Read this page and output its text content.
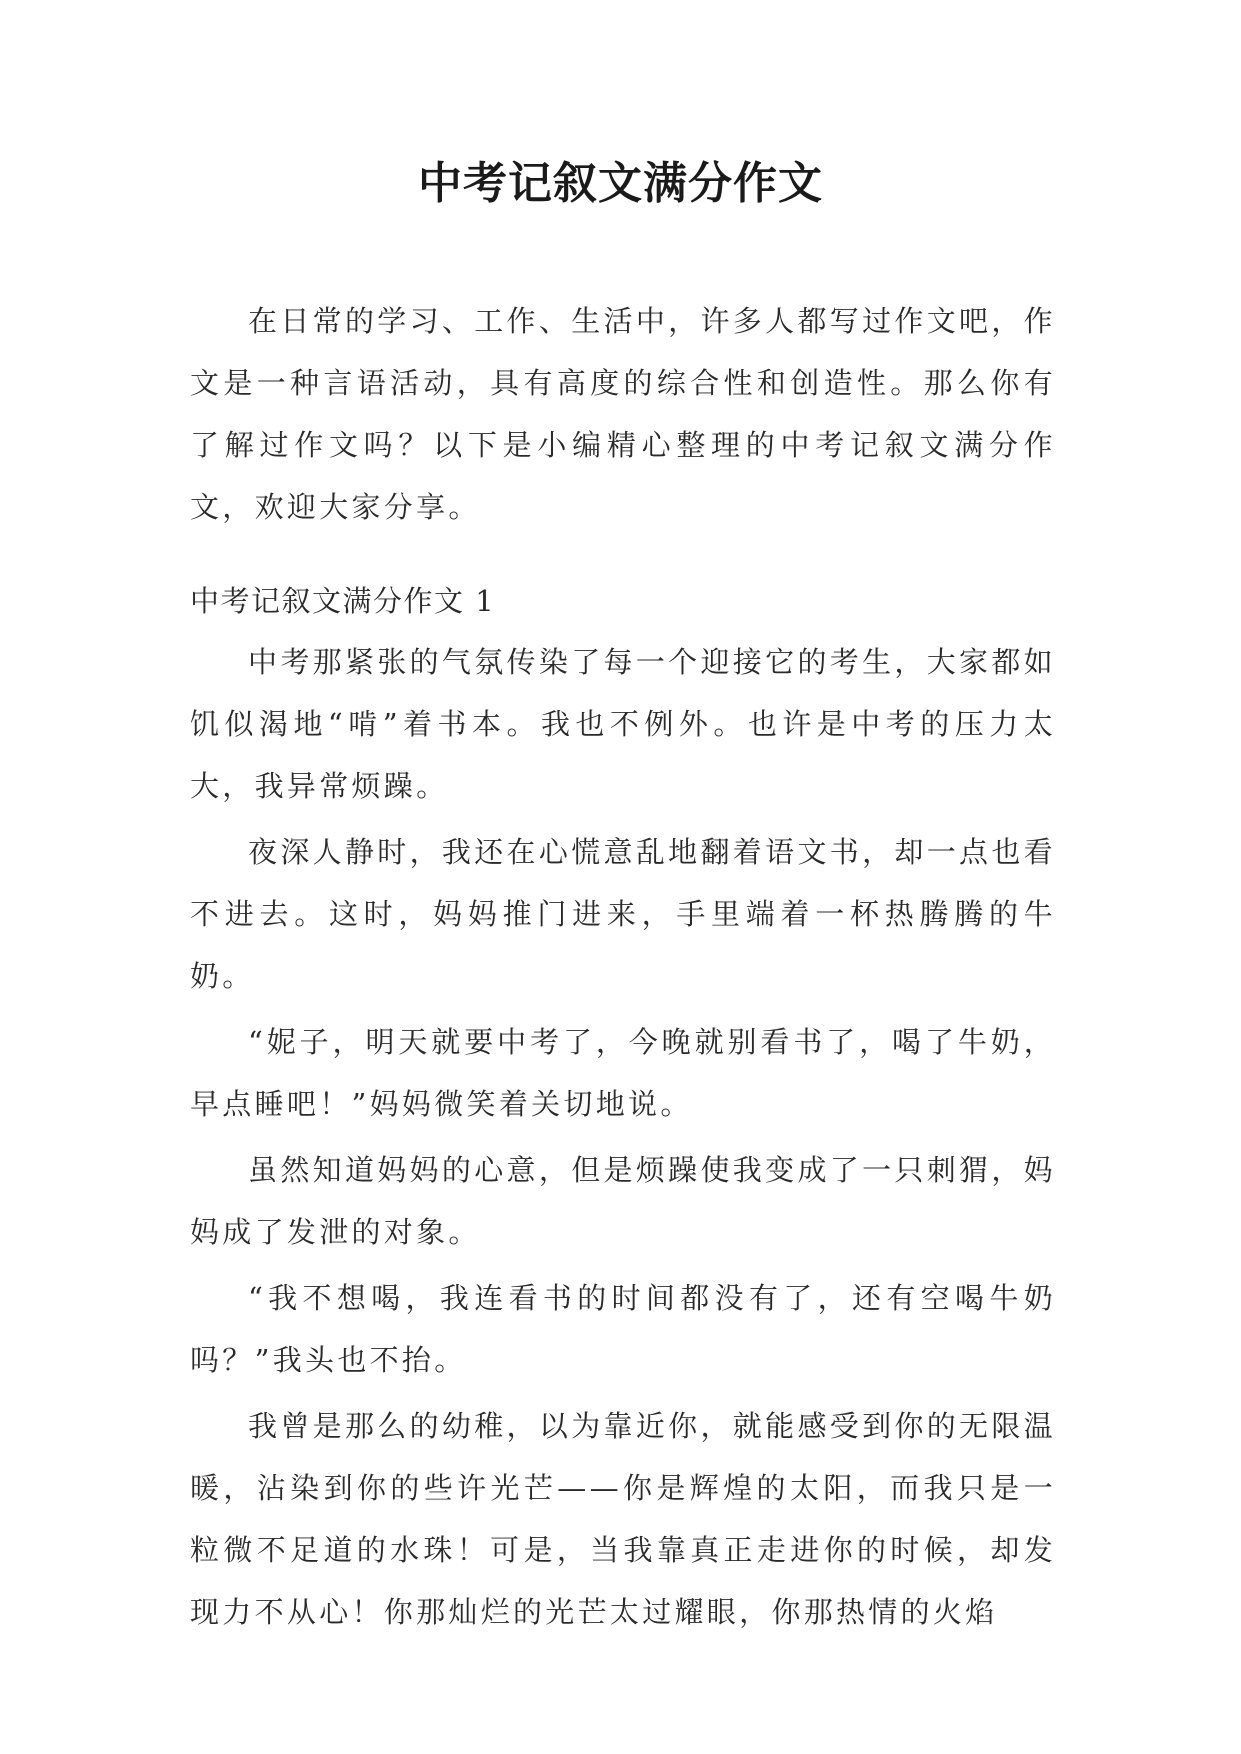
中考记叙文满分作文

在日常的学习、工作、生活中，许多人都写过作文吧，作文是一种言语活动，具有高度的综合性和创造性。那么你有了解过作文吗？以下是小编精心整理的中考记叙文满分作文，欢迎大家分享。

中考记叙文满分作文 1

中考那紧张的气氛传染了每一个迎接它的考生，大家都如饥似渴地“啃”着书本。我也不例外。也许是中考的压力太大，我异常烦躁。

夜深人静时，我还在心慌意乱地翻着语文书，却一点也看不进去。这时，妈妈推门进来，手里端着一杯热腾腾的牛奶。

“妮子，明天就要中考了，今晚就别看书了，喝了牛奶，早点睡吧！”妈妈微笑着关切地说。

虽然知道妈妈的心意，但是烦躁使我变成了一只刺猬，妈妈成了发泄的对象。

“我不想喝，我连看书的时间都没有了，还有空喝牛奶吗？”我头也不抬。

我曾是那么的幼稚，以为靠近你，就能感受到你的无限温暖，沾染到你的些许光芒——你是辉煌的太阳，而我只是一粒微不足道的水珠！可是，当我靠真正走进你的时候，却发现力不从心！你那灿烂的光芒太过耀眼，你那热情的火焰
